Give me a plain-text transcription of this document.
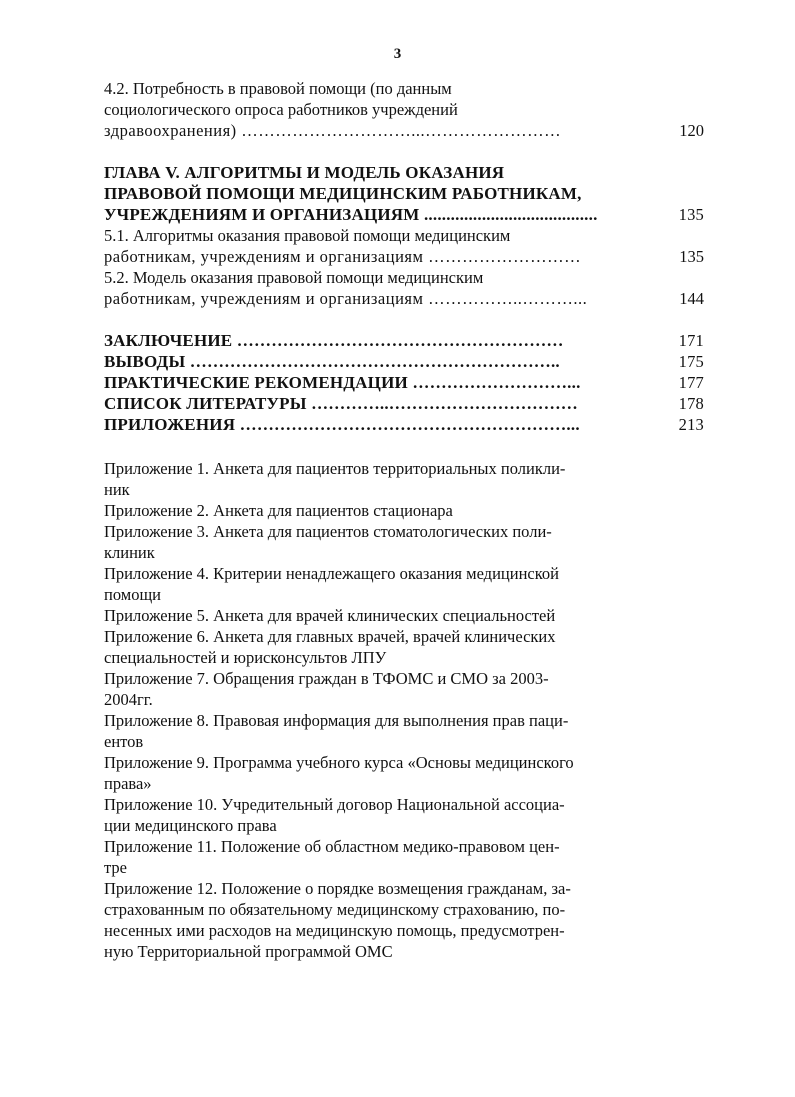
3
4.2. Потребность в правовой помощи (по данным
социологического опроса работников учреждений
здравоохранения) …………………………...……………………	120
ГЛАВА V. АЛГОРИТМЫ И МОДЕЛЬ ОКАЗАНИЯ
ПРАВОВОЙ ПОМОЩИ МЕДИЦИНСКИМ РАБОТНИКАМ,
УЧРЕЖДЕНИЯМ И ОРГАНИЗАЦИЯМ .......................................	135
5.1. Алгоритмы оказания правовой помощи медицинским
работникам, учреждениям и организациям ………………………	135
5.2. Модель оказания правовой помощи медицинским
работникам, учреждениям и организациям ……………..………...	144
ЗАКЛЮЧЕНИЕ …………………………………………………	171
ВЫВОДЫ ………………………………………………………..	175
ПРАКТИЧЕСКИЕ РЕКОМЕНДАЦИИ ………………………...	177
СПИСОК ЛИТЕРАТУРЫ …………..……………………………	178
ПРИЛОЖЕНИЯ …………………………………………………...	213
Приложение 1. Анкета для пациентов территориальных поликли-
ник
Приложение 2. Анкета для пациентов стационара
Приложение 3. Анкета для пациентов стоматологических поли-
клиник
Приложение 4. Критерии ненадлежащего оказания медицинской
помощи
Приложение 5. Анкета для врачей клинических специальностей
Приложение 6. Анкета для главных врачей, врачей клинических
специальностей и юрисконсультов ЛПУ
Приложение 7. Обращения граждан в ТФОМС и СМО за 2003-
2004гг.
Приложение 8. Правовая информация для выполнения прав паци-
ентов
Приложение 9. Программа учебного курса «Основы медицинского
права»
Приложение 10. Учредительный договор Национальной ассоциа-
ции медицинского права
Приложение 11. Положение об областном медико-правовом цен-
тре
Приложение 12. Положение о порядке возмещения гражданам, за-
страхованным по обязательному медицинскому страхованию, по-
несенных ими расходов на медицинскую помощь, предусмотрен-
ную Территориальной программой ОМС
